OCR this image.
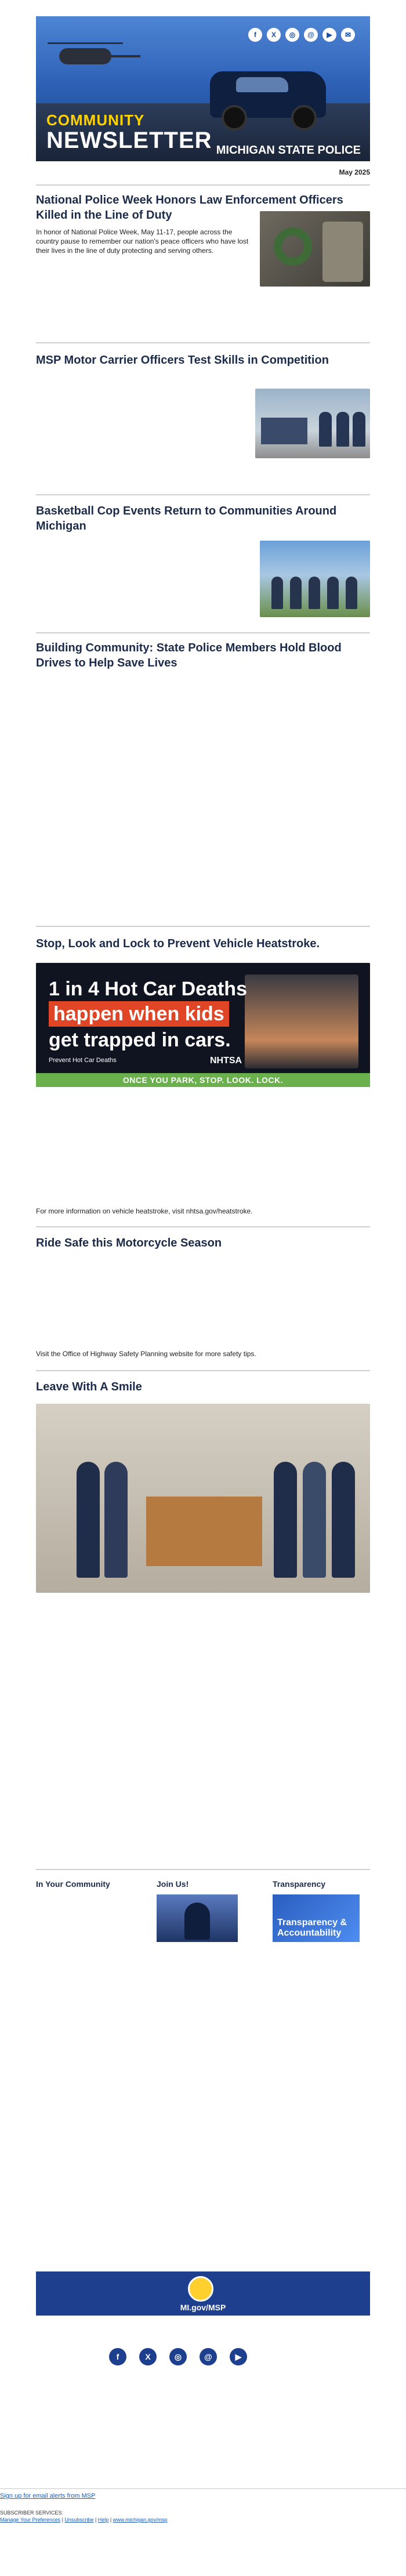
f	X	◎	@	▶	✉
COMMUNITY
NEWSLETTER MICHIGAN STATE POLICE
May 2025
National Police Week Honors Law Enforcement Officers Killed in the Line of Duty
In honor of National Police Week, May 11-17, people across the country pause to remember our nation's peace officers who have lost their lives in the line of duty protecting and serving others.
MSP Motor Carrier Officers Test Skills in Competition
Basketball Cop Events Return to Communities Around Michigan
Building Community: State Police Members Hold Blood Drives to Help Save Lives
Stop, Look and Lock to Prevent Vehicle Heatstroke.
1 in 4 Hot Car Deaths
happen when kids
get trapped in cars.
Prevent Hot Car Deaths	NHTSA
ONCE YOU PARK, STOP. LOOK. LOCK.
For more information on vehicle heatstroke, visit nhtsa.gov/heatstroke.
Ride Safe this Motorcycle Season
Visit the Office of Highway Safety Planning website for more safety tips.
Leave With A Smile
In Your Community	Join Us!	Transparency
Transparency &
Accountability
MI.gov/MSP
f	X	◎	@	▶
Sign up for email alerts from MSP
SUBSCRIBER SERVICES:
Manage Your Preferences | Unsubscribe | Help | www.michigan.gov/msp
